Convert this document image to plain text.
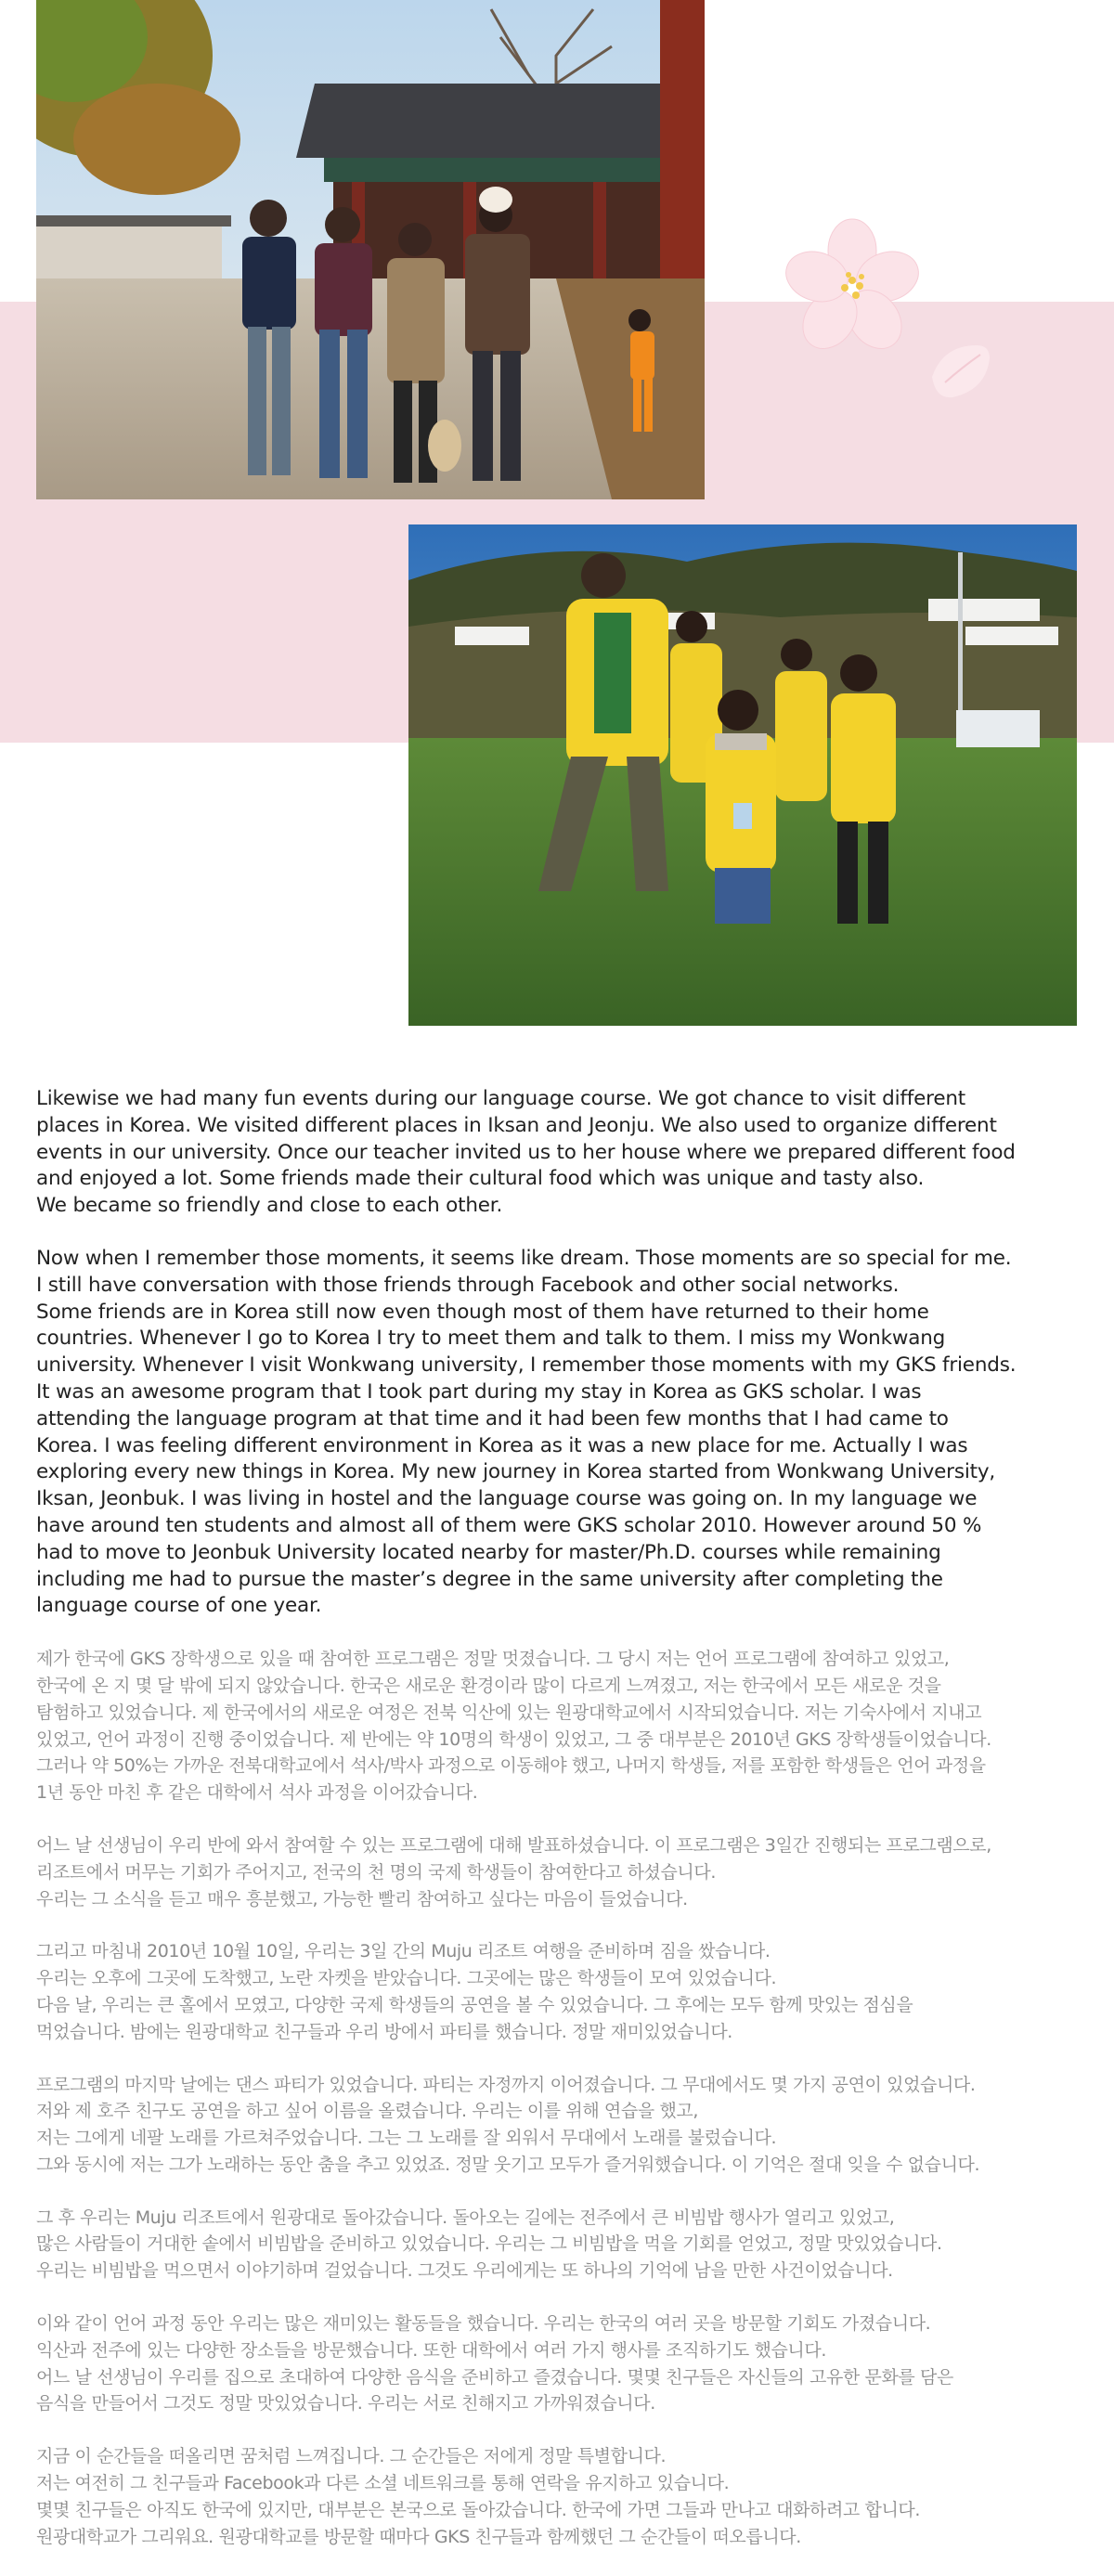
Likewise we had many fun events during our language course. We got chance to visit different
places in Korea. We visited different places in Iksan and Jeonju. We also used to organize different
events in our university. Once our teacher invited us to her house where we prepared different food
and enjoyed a lot. Some friends made their cultural food which was unique and tasty also.
We became so friendly and close to each other.

Now when I remember those moments, it seems like dream. Those moments are so special for me.
I still have conversation with those friends through Facebook and other social networks.
Some friends are in Korea still now even though most of them have returned to their home
countries. Whenever I go to Korea I try to meet them and talk to them. I miss my Wonkwang
university. Whenever I visit Wonkwang university, I remember those moments with my GKS friends.
It was an awesome program that I took part during my stay in Korea as GKS scholar. I was
attending the language program at that time and it had been few months that I had came to
Korea. I was feeling different environment in Korea as it was a new place for me. Actually I was
exploring every new things in Korea. My new journey in Korea started from Wonkwang University,
Iksan, Jeonbuk. I was living in hostel and the language course was going on. In my language we
have around ten students and almost all of them were GKS scholar 2010. However around 50 %
had to move to Jeonbuk University located nearby for master/Ph.D. courses while remaining
including me had to pursue the master’s degree in the same university after completing the
language course of one year.

제가 한국에 GKS 장학생으로 있을 때 참여한 프로그램은 정말 멋졌습니다. 그 당시 저는 언어 프로그램에 참여하고 있었고,
한국에 온 지 몇 달 밖에 되지 않았습니다. 한국은 새로운 환경이라 많이 다르게 느껴졌고, 저는 한국에서 모든 새로운 것을
탐험하고 있었습니다. 제 한국에서의 새로운 여정은 전북 익산에 있는 원광대학교에서 시작되었습니다. 저는 기숙사에서 지내고
있었고, 언어 과정이 진행 중이었습니다. 제 반에는 약 10명의 학생이 있었고, 그 중 대부분은 2010년 GKS 장학생들이었습니다.
그러나 약 50%는 가까운 전북대학교에서 석사/박사 과정으로 이동해야 했고, 나머지 학생들, 저를 포함한 학생들은 언어 과정을
1년 동안 마친 후 같은 대학에서 석사 과정을 이어갔습니다.

어느 날 선생님이 우리 반에 와서 참여할 수 있는 프로그램에 대해 발표하셨습니다. 이 프로그램은 3일간 진행되는 프로그램으로,
리조트에서 머무는 기회가 주어지고, 전국의 천 명의 국제 학생들이 참여한다고 하셨습니다.
우리는 그 소식을 듣고 매우 흥분했고, 가능한 빨리 참여하고 싶다는 마음이 들었습니다.

그리고 마침내 2010년 10월 10일, 우리는 3일 간의 Muju 리조트 여행을 준비하며 짐을 쌌습니다.
우리는 오후에 그곳에 도착했고, 노란 자켓을 받았습니다. 그곳에는 많은 학생들이 모여 있었습니다.
다음 날, 우리는 큰 홀에서 모였고, 다양한 국제 학생들의 공연을 볼 수 있었습니다. 그 후에는 모두 함께 맛있는 점심을
먹었습니다. 밤에는 원광대학교 친구들과 우리 방에서 파티를 했습니다. 정말 재미있었습니다.

프로그램의 마지막 날에는 댄스 파티가 있었습니다. 파티는 자정까지 이어졌습니다. 그 무대에서도 몇 가지 공연이 있었습니다.
저와 제 호주 친구도 공연을 하고 싶어 이름을 올렸습니다. 우리는 이를 위해 연습을 했고,
저는 그에게 네팔 노래를 가르쳐주었습니다. 그는 그 노래를 잘 외워서 무대에서 노래를 불렀습니다.
그와 동시에 저는 그가 노래하는 동안 춤을 추고 있었죠. 정말 웃기고 모두가 즐거워했습니다. 이 기억은 절대 잊을 수 없습니다.

그 후 우리는 Muju 리조트에서 원광대로 돌아갔습니다. 돌아오는 길에는 전주에서 큰 비빔밥 행사가 열리고 있었고,
많은 사람들이 거대한 솥에서 비빔밥을 준비하고 있었습니다. 우리는 그 비빔밥을 먹을 기회를 얻었고, 정말 맛있었습니다.
우리는 비빔밥을 먹으면서 이야기하며 걸었습니다. 그것도 우리에게는 또 하나의 기억에 남을 만한 사건이었습니다.

이와 같이 언어 과정 동안 우리는 많은 재미있는 활동들을 했습니다. 우리는 한국의 여러 곳을 방문할 기회도 가졌습니다.
익산과 전주에 있는 다양한 장소들을 방문했습니다. 또한 대학에서 여러 가지 행사를 조직하기도 했습니다.
어느 날 선생님이 우리를 집으로 초대하여 다양한 음식을 준비하고 즐겼습니다. 몇몇 친구들은 자신들의 고유한 문화를 담은
음식을 만들어서 그것도 정말 맛있었습니다. 우리는 서로 친해지고 가까워졌습니다.

지금 이 순간들을 떠올리면 꿈처럼 느껴집니다. 그 순간들은 저에게 정말 특별합니다.
저는 여전히 그 친구들과 Facebook과 다른 소셜 네트워크를 통해 연락을 유지하고 있습니다.
몇몇 친구들은 아직도 한국에 있지만, 대부분은 본국으로 돌아갔습니다. 한국에 가면 그들과 만나고 대화하려고 합니다.
원광대학교가 그리워요. 원광대학교를 방문할 때마다 GKS 친구들과 함께했던 그 순간들이 떠오릅니다.
